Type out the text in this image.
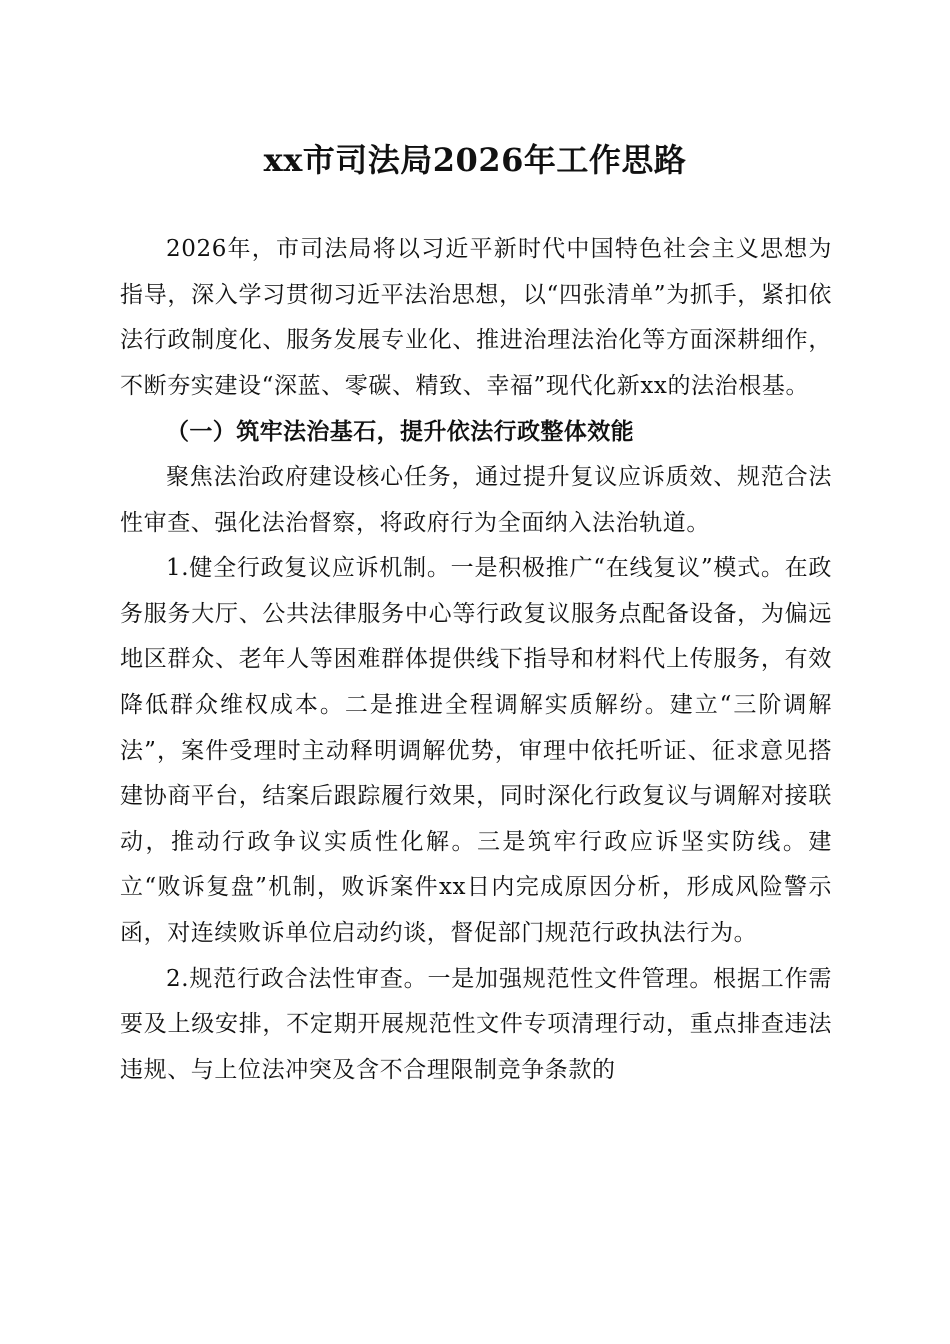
xx市司法局2026年工作思路

2026年，市司法局将以习近平新时代中国特色社会主义思想为指导，深入学习贯彻习近平法治思想，以“四张清单”为抓手，紧扣依法行政制度化、服务发展专业化、推进治理法治化等方面深耕细作，不断夯实建设“深蓝、零碳、精致、幸福”现代化新xx的法治根基。

（一）筑牢法治基石，提升依法行政整体效能

聚焦法治政府建设核心任务，通过提升复议应诉质效、规范合法性审查、强化法治督察，将政府行为全面纳入法治轨道。

1.健全行政复议应诉机制。一是积极推广“在线复议”模式。在政务服务大厅、公共法律服务中心等行政复议服务点配备设备，为偏远地区群众、老年人等困难群体提供线下指导和材料代上传服务，有效降低群众维权成本。二是推进全程调解实质解纷。建立“三阶调解法”，案件受理时主动释明调解优势，审理中依托听证、征求意见搭建协商平台，结案后跟踪履行效果，同时深化行政复议与调解对接联动，推动行政争议实质性化解。三是筑牢行政应诉坚实防线。建立“败诉复盘”机制，败诉案件xx日内完成原因分析，形成风险警示函，对连续败诉单位启动约谈，督促部门规范行政执法行为。

2.规范行政合法性审查。一是加强规范性文件管理。根据工作需要及上级安排，不定期开展规范性文件专项清理行动，重点排查违法违规、与上位法冲突及含不合理限制竞争条款的
